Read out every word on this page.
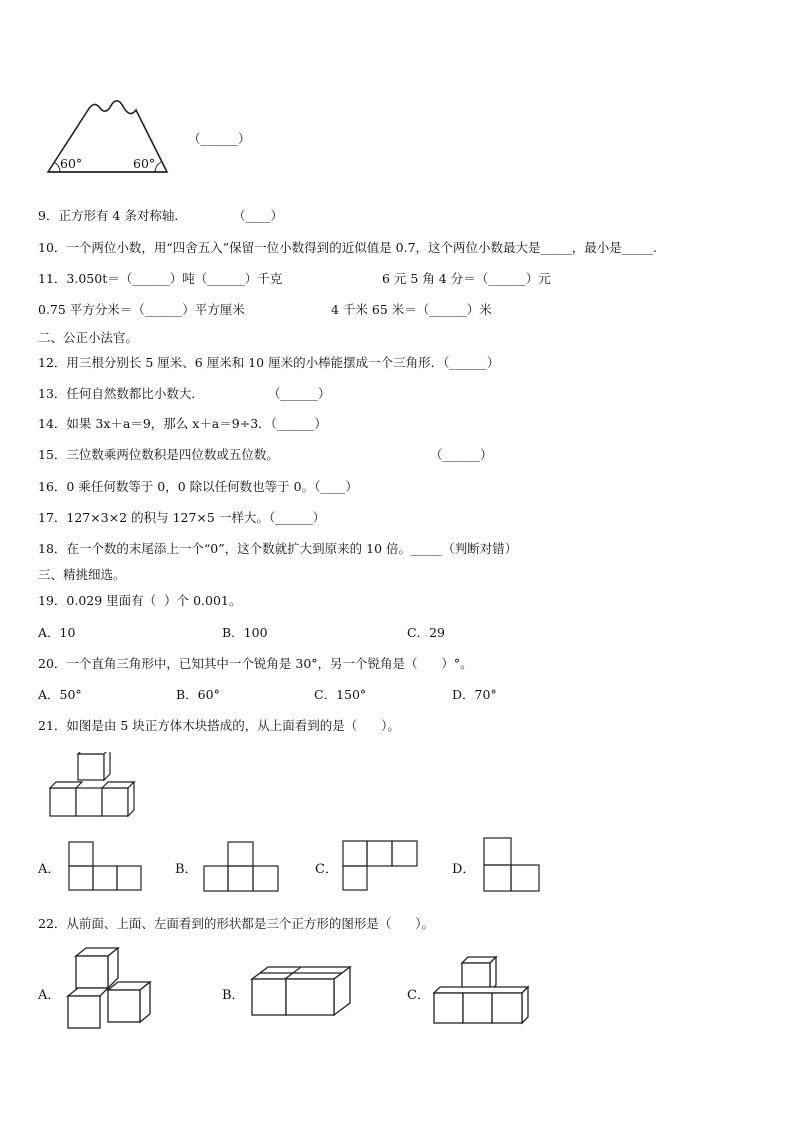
60°	60°
（______）
9．正方形有 4 条对称轴．	（____）
10．一个两位小数，用“四舍五入”保留一位小数得到的近似值是 0.7，这个两位小数最大是_____，最小是_____.
11．3.050t＝（______）吨（______）千克	6 元 5 角 4 分＝（______）元
0.75 平方分米＝（______）平方厘米	4 千米 65 米＝（______）米
二、公正小法官。
12．用三根分别长 5 厘米、6 厘米和 10 厘米的小棒能摆成一个三角形．（______）
13．任何自然数都比小数大．	（______）
14．如果 3x＋a＝9，那么 x＋a＝9÷3．（______）
15．三位数乘两位数积是四位数或五位数。	（______）
16．0 乘任何数等于 0，0 除以任何数也等于 0。（____）
17．127×3×2 的积与 127×5 一样大。（______）
18．在一个数的末尾添上一个“0”，这个数就扩大到原来的 10 倍。_____（判断对错）
三、精挑细选。
19．0.029 里面有（  ）个 0.001。
A．10	B．100	C．29
20．一个直角三角形中，已知其中一个锐角是 30°，另一个锐角是（      ）°。
A．50°	B．60°	C．150°	D．70°
21．如图是由 5 块正方体木块搭成的，从上面看到的是（      ）。
A．	B．	C．	D．
22．从前面、上面、左面看到的形状都是三个正方形的图形是（      ）。
A．	B．	C．
